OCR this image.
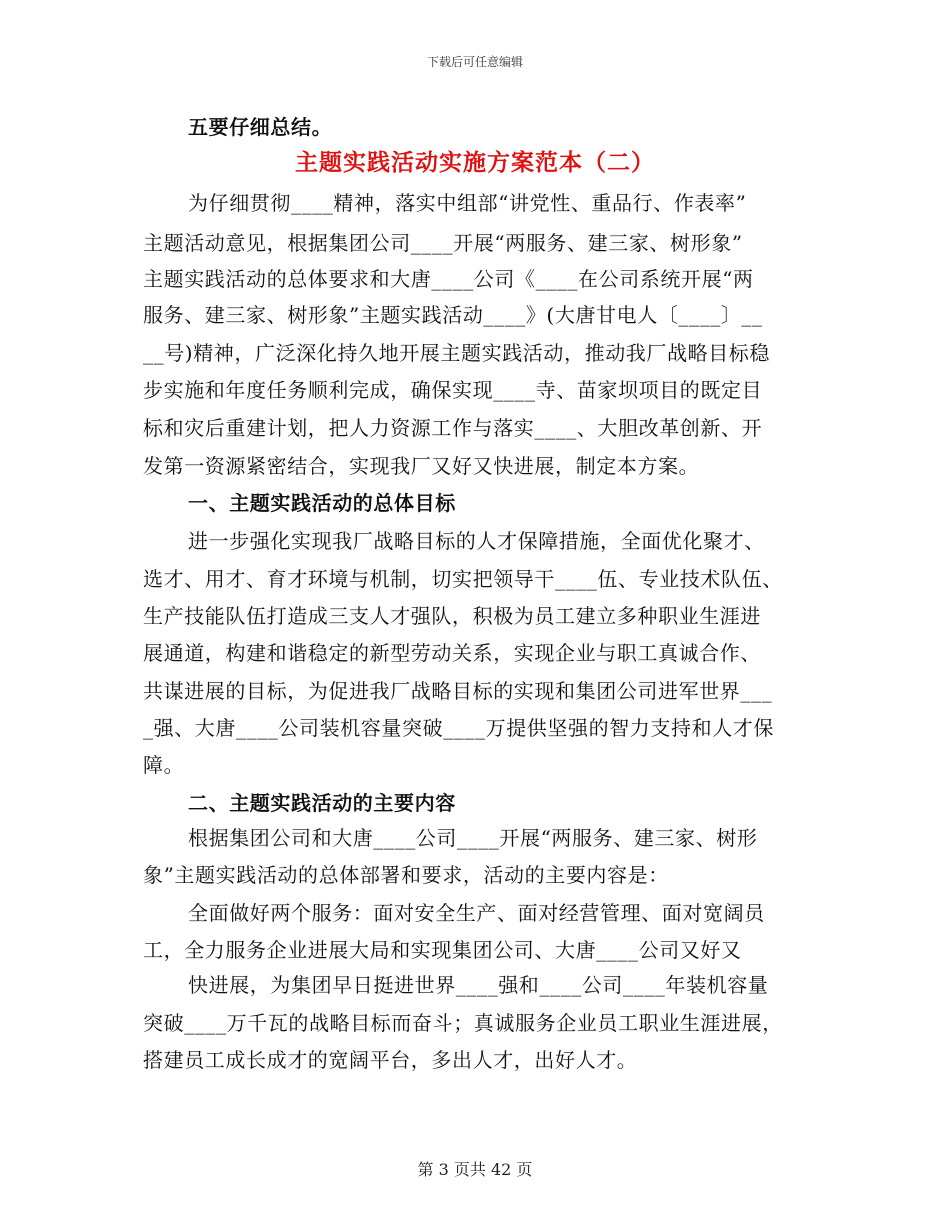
下载后可任意编辑
五要仔细总结。
主题实践活动实施方案范本（二）
为仔细贯彻____精神，落实中组部“讲党性、重品行、作表率”
主题活动意见，根据集团公司____开展“两服务、建三家、树形象”
主题实践活动的总体要求和大唐____公司《____在公司系统开展“两
服务、建三家、树形象”主题实践活动____》(大唐甘电人〔____〕__
__号)精神，广泛深化持久地开展主题实践活动，推动我厂战略目标稳
步实施和年度任务顺利完成，确保实现____寺、苗家坝项目的既定目
标和灾后重建计划，把人力资源工作与落实____、大胆改革创新、开
发第一资源紧密结合，实现我厂又好又快进展，制定本方案。
一、主题实践活动的总体目标
进一步强化实现我厂战略目标的人才保障措施，全面优化聚才、
选才、用才、育才环境与机制，切实把领导干____伍、专业技术队伍、
生产技能队伍打造成三支人才强队，积极为员工建立多种职业生涯进
展通道，构建和谐稳定的新型劳动关系，实现企业与职工真诚合作、
共谋进展的目标，为促进我厂战略目标的实现和集团公司进军世界___
_强、大唐____公司装机容量突破____万提供坚强的智力支持和人才保
障。
二、主题实践活动的主要内容
根据集团公司和大唐____公司____开展“两服务、建三家、树形
象”主题实践活动的总体部署和要求，活动的主要内容是：
全面做好两个服务：面对安全生产、面对经营管理、面对宽阔员
工，全力服务企业进展大局和实现集团公司、大唐____公司又好又
快进展，为集团早日挺进世界____强和____公司____年装机容量
突破____万千瓦的战略目标而奋斗；真诚服务企业员工职业生涯进展，
搭建员工成长成才的宽阔平台，多出人才，出好人才。
第 3 页共 42 页
